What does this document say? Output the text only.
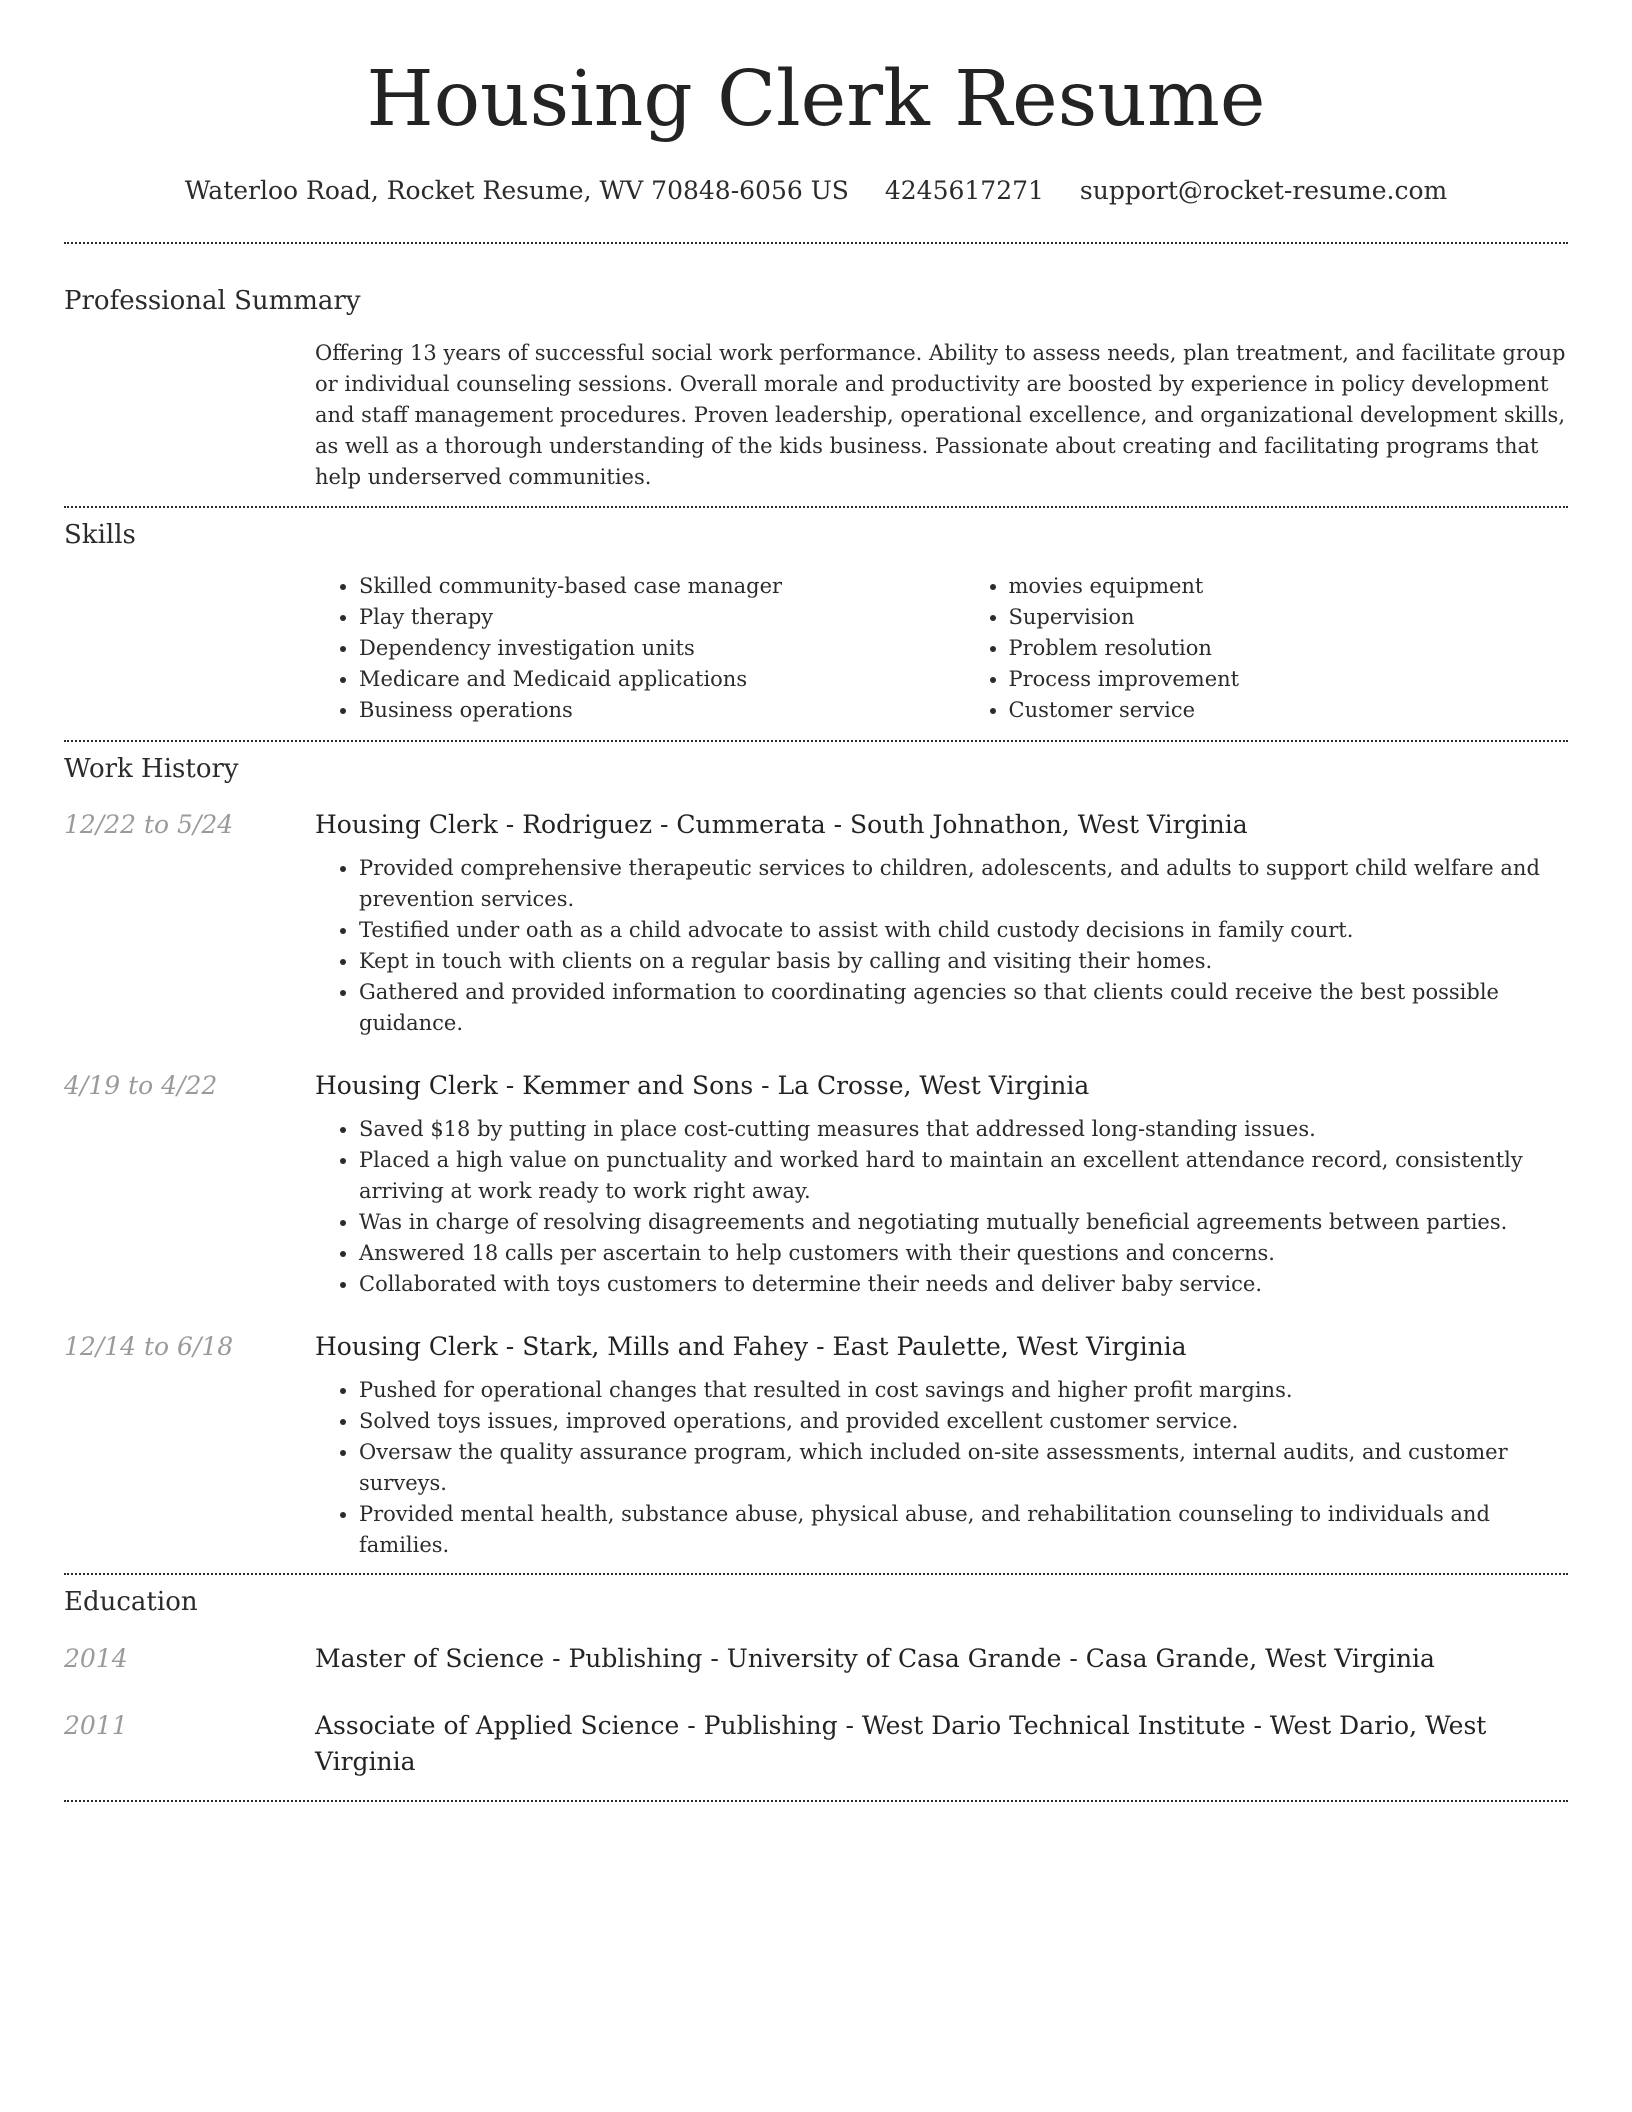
Housing Clerk Resume
Waterloo Road, Rocket Resume, WV 70848-6056 US 4245617271 support@rocket-resume.com
Professional Summary

Offering 13 years of successful social work performance. Ability to assess needs, plan treatment, and facilitate group or individual counseling sessions. Overall morale and productivity are boosted by experience in policy development and staff management procedures. Proven leadership, operational excellence, and organizational development skills, as well as a thorough understanding of the kids business. Passionate about creating and facilitating programs that help underserved communities.

Skills
• Skilled community-based case manager
• Play therapy
• Dependency investigation units
• Medicare and Medicaid applications
• Business operations
• movies equipment
• Supervision
• Problem resolution
• Process improvement
• Customer service
Work History
12/22 to 5/24	Housing Clerk - Rodriguez - Cummerata - South Johnathon, West Virginia
• Provided comprehensive therapeutic services to children, adolescents, and adults to support child welfare and prevention services.
• Testified under oath as a child advocate to assist with child custody decisions in family court.
• Kept in touch with clients on a regular basis by calling and visiting their homes.
• Gathered and provided information to coordinating agencies so that clients could receive the best possible guidance.
4/19 to 4/22	Housing Clerk - Kemmer and Sons - La Crosse, West Virginia
• Saved $18 by putting in place cost-cutting measures that addressed long-standing issues.
• Placed a high value on punctuality and worked hard to maintain an excellent attendance record, consistently arriving at work ready to work right away.
• Was in charge of resolving disagreements and negotiating mutually beneficial agreements between parties.
• Answered 18 calls per ascertain to help customers with their questions and concerns.
• Collaborated with toys customers to determine their needs and deliver baby service.
12/14 to 6/18	Housing Clerk - Stark, Mills and Fahey - East Paulette, West Virginia
• Pushed for operational changes that resulted in cost savings and higher profit margins.
• Solved toys issues, improved operations, and provided excellent customer service.
• Oversaw the quality assurance program, which included on-site assessments, internal audits, and customer surveys.
• Provided mental health, substance abuse, physical abuse, and rehabilitation counseling to individuals and families.
Education
2014	Master of Science - Publishing - University of Casa Grande - Casa Grande, West Virginia
2011	Associate of Applied Science - Publishing - West Dario Technical Institute - West Dario, West Virginia
